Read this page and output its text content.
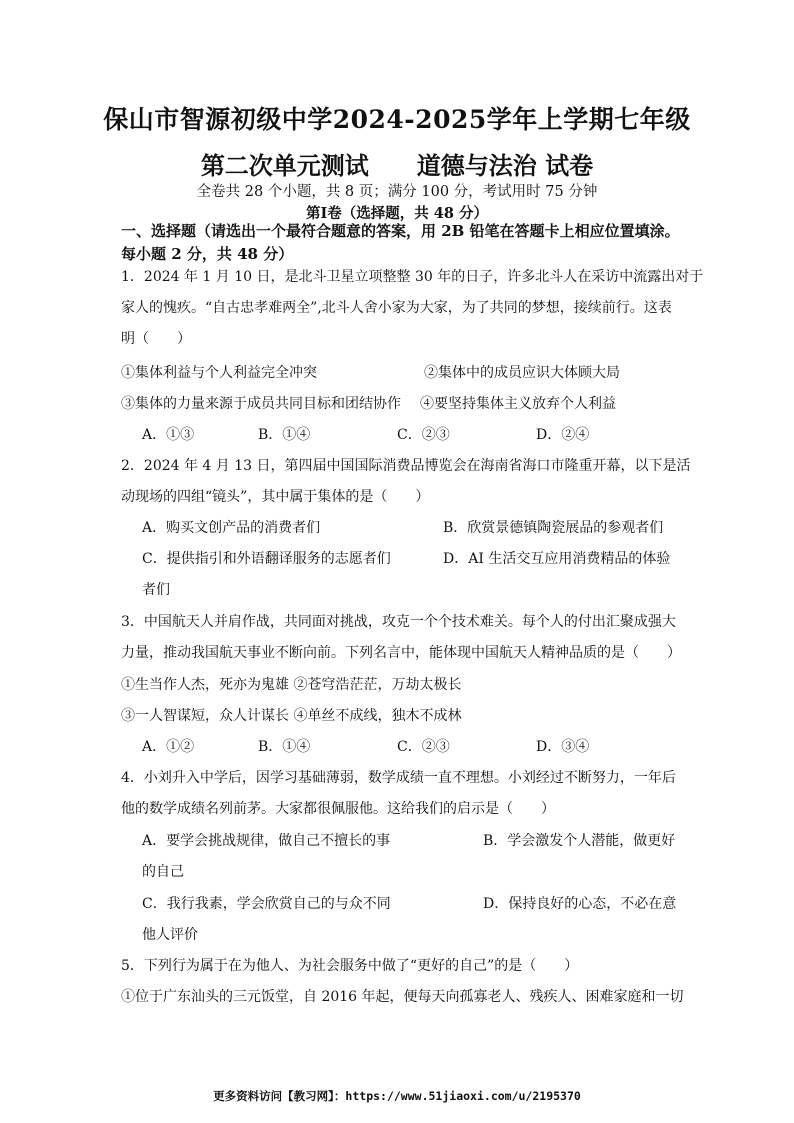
保山市智源初级中学2024-2025学年上学期七年级
第二次单元测试　　道德与法治 试卷
全卷共 28 个小题，共 8 页；满分 100 分，考试用时 75 分钟
第Ⅰ卷（选择题，共 48 分）
一、选择题（请选出一个最符合题意的答案，用 2B 铅笔在答题卡上相应位置填涂。每小题 2 分，共 48 分）
1．2024 年 1 月 10 日，是北斗卫星立项整整 30 年的日子，许多北斗人在采访中流露出对于
家人的愧疚。“自古忠孝难两全”,北斗人舍小家为大家，为了共同的梦想，接续前行。这表
明（　　）
①集体利益与个人利益完全冲突	②集体中的成员应识大体顾大局
③集体的力量来源于成员共同目标和团结协作 ④要坚持集体主义放弃个人利益
A．①③	B．①④	C．②③	D．②④
2．2024 年 4 月 13 日，第四届中国国际消费品博览会在海南省海口市隆重开幕，以下是活
动现场的四组“镜头”，其中属于集体的是（　　）
A．购买文创产品的消费者们	B．欣赏景德镇陶瓷展品的参观者们
C．提供指引和外语翻译服务的志愿者们	D．AI 生活交互应用消费精品的体验
者们
3．中国航天人并肩作战，共同面对挑战，攻克一个个技术难关。每个人的付出汇聚成强大
力量，推动我国航天事业不断向前。下列名言中，能体现中国航天人精神品质的是（　　）
①生当作人杰，死亦为鬼雄 ②苍穹浩茫茫，万劫太极长
③一人智谋短，众人计谋长 ④单丝不成线，独木不成林
A．①②	B．①④	C．②③	D．③④
4．小刘升入中学后，因学习基础薄弱，数学成绩一直不理想。小刘经过不断努力，一年后
他的数学成绩名列前茅。大家都很佩服他。这给我们的启示是（　　）
A．要学会挑战规律，做自己不擅长的事	B．学会激发个人潜能，做更好
的自己
C．我行我素，学会欣赏自己的与众不同	D．保持良好的心态，不必在意
他人评价
5．下列行为属于在为他人、为社会服务中做了“更好的自己”的是（　　）
①位于广东汕头的三元饭堂，自 2016 年起，便每天向孤寡老人、残疾人、困难家庭和一切
更多资料访问【教习网】：https://www.51jiaoxi.com/u/2195370
